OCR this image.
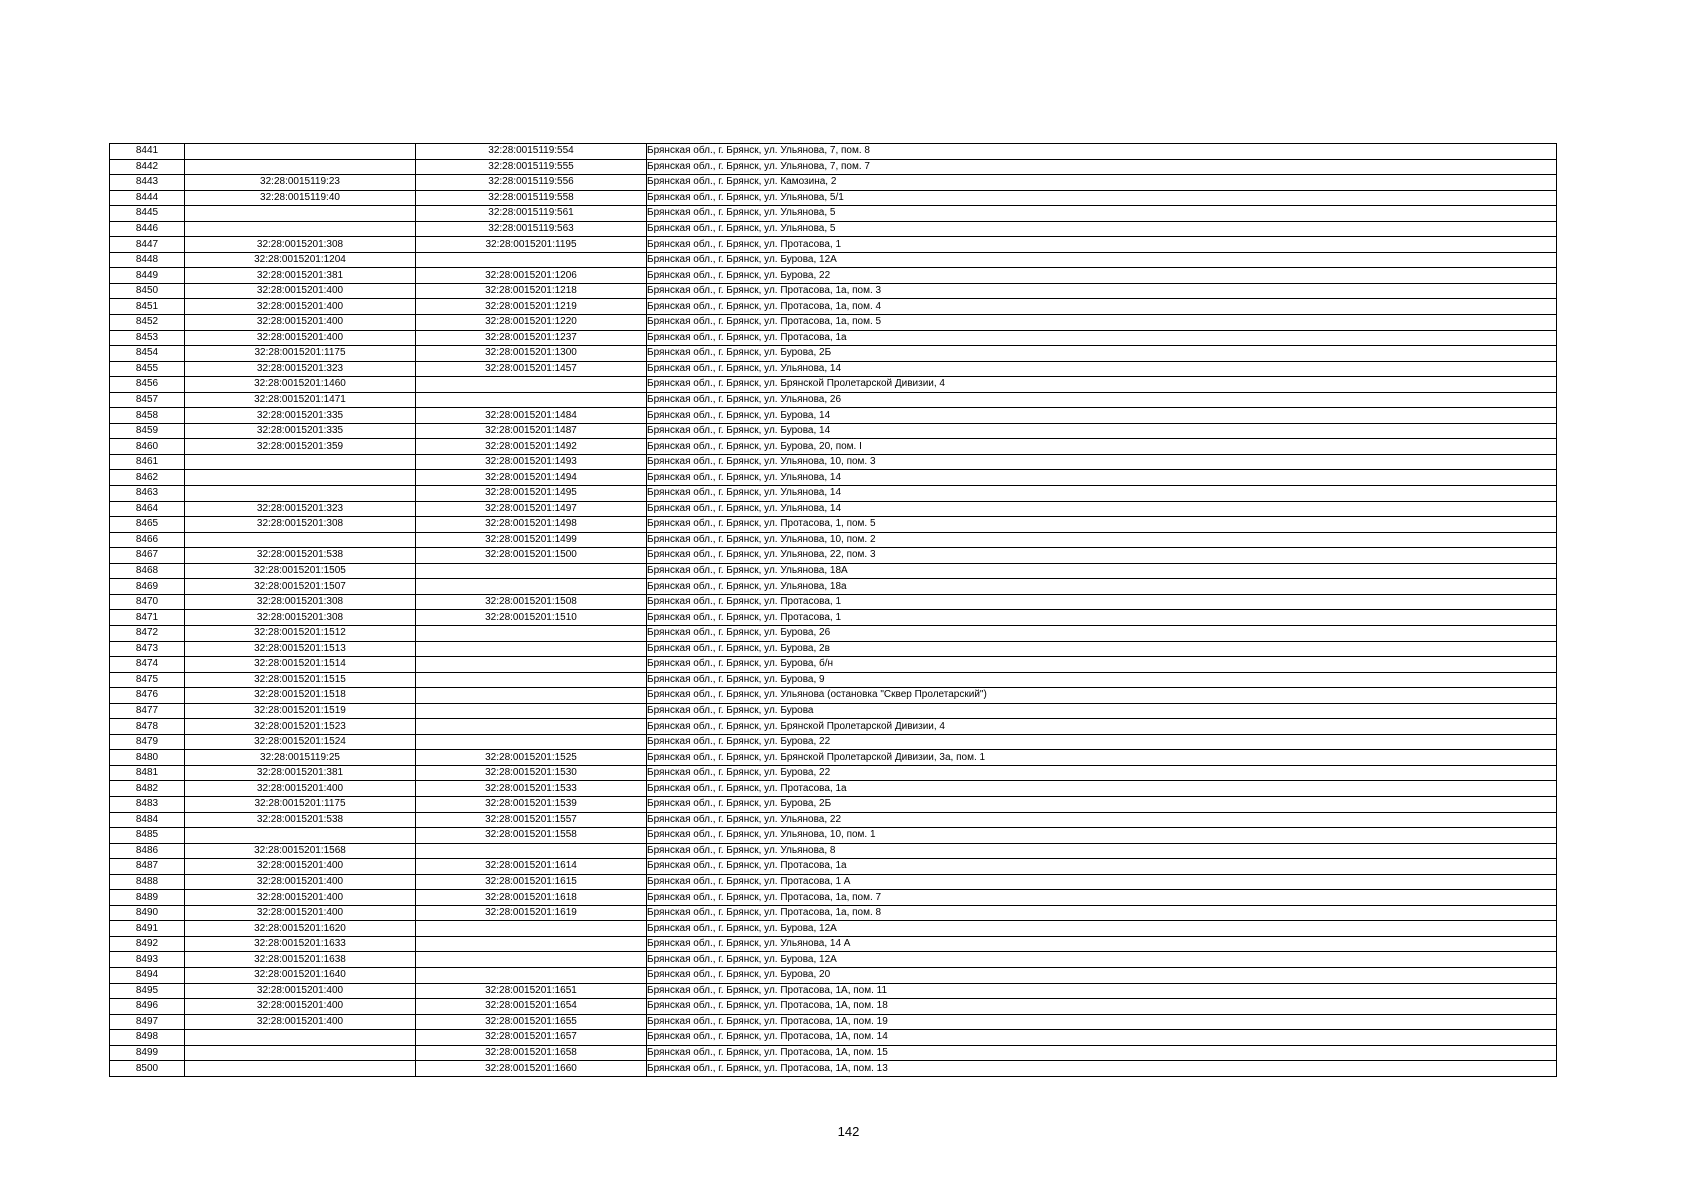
8441		32:28:0015119:554	Брянская обл., г. Брянск, ул. Ульянова, 7, пом. 8
8442		32:28:0015119:555	Брянская обл., г. Брянск, ул. Ульянова, 7, пом. 7
8443	32:28:0015119:23	32:28:0015119:556	Брянская обл., г. Брянск, ул. Камозина, 2
8444	32:28:0015119:40	32:28:0015119:558	Брянская обл., г. Брянск, ул. Ульянова, 5/1
8445		32:28:0015119:561	Брянская обл., г. Брянск, ул. Ульянова, 5
8446		32:28:0015119:563	Брянская обл., г. Брянск, ул. Ульянова, 5
8447	32:28:0015201:308	32:28:0015201:1195	Брянская обл., г. Брянск, ул. Протасова, 1
8448	32:28:0015201:1204		Брянская обл., г. Брянск, ул. Бурова, 12А
8449	32:28:0015201:381	32:28:0015201:1206	Брянская обл., г. Брянск, ул. Бурова, 22
8450	32:28:0015201:400	32:28:0015201:1218	Брянская обл., г. Брянск, ул. Протасова, 1а, пом. 3
8451	32:28:0015201:400	32:28:0015201:1219	Брянская обл., г. Брянск, ул. Протасова, 1а, пом. 4
8452	32:28:0015201:400	32:28:0015201:1220	Брянская обл., г. Брянск, ул. Протасова, 1а, пом. 5
8453	32:28:0015201:400	32:28:0015201:1237	Брянская обл., г. Брянск, ул. Протасова, 1а
8454	32:28:0015201:1175	32:28:0015201:1300	Брянская обл., г. Брянск, ул. Бурова, 2Б
8455	32:28:0015201:323	32:28:0015201:1457	Брянская обл., г. Брянск, ул. Ульянова, 14
8456	32:28:0015201:1460		Брянская обл., г. Брянск, ул. Брянской Пролетарской Дивизии, 4
8457	32:28:0015201:1471		Брянская обл., г. Брянск, ул. Ульянова, 26
8458	32:28:0015201:335	32:28:0015201:1484	Брянская обл., г. Брянск, ул. Бурова, 14
8459	32:28:0015201:335	32:28:0015201:1487	Брянская обл., г. Брянск, ул. Бурова, 14
8460	32:28:0015201:359	32:28:0015201:1492	Брянская обл., г. Брянск, ул. Бурова, 20, пом. I
8461		32:28:0015201:1493	Брянская обл., г. Брянск, ул. Ульянова, 10, пом. 3
8462		32:28:0015201:1494	Брянская обл., г. Брянск, ул. Ульянова, 14
8463		32:28:0015201:1495	Брянская обл., г. Брянск, ул. Ульянова, 14
8464	32:28:0015201:323	32:28:0015201:1497	Брянская обл., г. Брянск, ул. Ульянова, 14
8465	32:28:0015201:308	32:28:0015201:1498	Брянская обл., г. Брянск, ул. Протасова, 1, пом. 5
8466		32:28:0015201:1499	Брянская обл., г. Брянск, ул. Ульянова, 10, пом. 2
8467	32:28:0015201:538	32:28:0015201:1500	Брянская обл., г. Брянск, ул. Ульянова, 22, пом. 3
8468	32:28:0015201:1505		Брянская обл., г. Брянск, ул. Ульянова, 18А
8469	32:28:0015201:1507		Брянская обл., г. Брянск, ул. Ульянова, 18а
8470	32:28:0015201:308	32:28:0015201:1508	Брянская обл., г. Брянск, ул. Протасова, 1
8471	32:28:0015201:308	32:28:0015201:1510	Брянская обл., г. Брянск, ул. Протасова, 1
8472	32:28:0015201:1512		Брянская обл., г. Брянск, ул. Бурова, 26
8473	32:28:0015201:1513		Брянская обл., г. Брянск, ул. Бурова, 2в
8474	32:28:0015201:1514		Брянская обл., г. Брянск, ул. Бурова, б/н
8475	32:28:0015201:1515		Брянская обл., г. Брянск, ул. Бурова, 9
8476	32:28:0015201:1518		Брянская обл., г. Брянск, ул. Ульянова (остановка "Сквер Пролетарский")
8477	32:28:0015201:1519		Брянская обл., г. Брянск, ул. Бурова
8478	32:28:0015201:1523		Брянская обл., г. Брянск, ул. Брянской Пролетарской Дивизии, 4
8479	32:28:0015201:1524		Брянская обл., г. Брянск, ул. Бурова, 22
8480	32:28:0015119:25	32:28:0015201:1525	Брянская обл., г. Брянск, ул. Брянской Пролетарской Дивизии, 3а, пом. 1
8481	32:28:0015201:381	32:28:0015201:1530	Брянская обл., г. Брянск, ул. Бурова, 22
8482	32:28:0015201:400	32:28:0015201:1533	Брянская обл., г. Брянск, ул. Протасова, 1а
8483	32:28:0015201:1175	32:28:0015201:1539	Брянская обл., г. Брянск, ул. Бурова, 2Б
8484	32:28:0015201:538	32:28:0015201:1557	Брянская обл., г. Брянск, ул. Ульянова, 22
8485		32:28:0015201:1558	Брянская обл., г. Брянск, ул. Ульянова, 10, пом. 1
8486	32:28:0015201:1568		Брянская обл., г. Брянск, ул. Ульянова, 8
8487	32:28:0015201:400	32:28:0015201:1614	Брянская обл., г. Брянск, ул. Протасова, 1а
8488	32:28:0015201:400	32:28:0015201:1615	Брянская обл., г. Брянск, ул. Протасова, 1 А
8489	32:28:0015201:400	32:28:0015201:1618	Брянская обл., г. Брянск, ул. Протасова, 1а, пом. 7
8490	32:28:0015201:400	32:28:0015201:1619	Брянская обл., г. Брянск, ул. Протасова, 1а, пом. 8
8491	32:28:0015201:1620		Брянская обл., г. Брянск, ул. Бурова, 12А
8492	32:28:0015201:1633		Брянская обл., г. Брянск, ул. Ульянова, 14 А
8493	32:28:0015201:1638		Брянская обл., г. Брянск, ул. Бурова, 12А
8494	32:28:0015201:1640		Брянская обл., г. Брянск, ул. Бурова, 20
8495	32:28:0015201:400	32:28:0015201:1651	Брянская обл., г. Брянск, ул. Протасова, 1А, пом. 11
8496	32:28:0015201:400	32:28:0015201:1654	Брянская обл., г. Брянск, ул. Протасова, 1А, пом. 18
8497	32:28:0015201:400	32:28:0015201:1655	Брянская обл., г. Брянск, ул. Протасова, 1А, пом. 19
8498		32:28:0015201:1657	Брянская обл., г. Брянск, ул. Протасова, 1А, пом. 14
8499		32:28:0015201:1658	Брянская обл., г. Брянск, ул. Протасова, 1А, пом. 15
8500		32:28:0015201:1660	Брянская обл., г. Брянск, ул. Протасова, 1А, пом. 13
142
